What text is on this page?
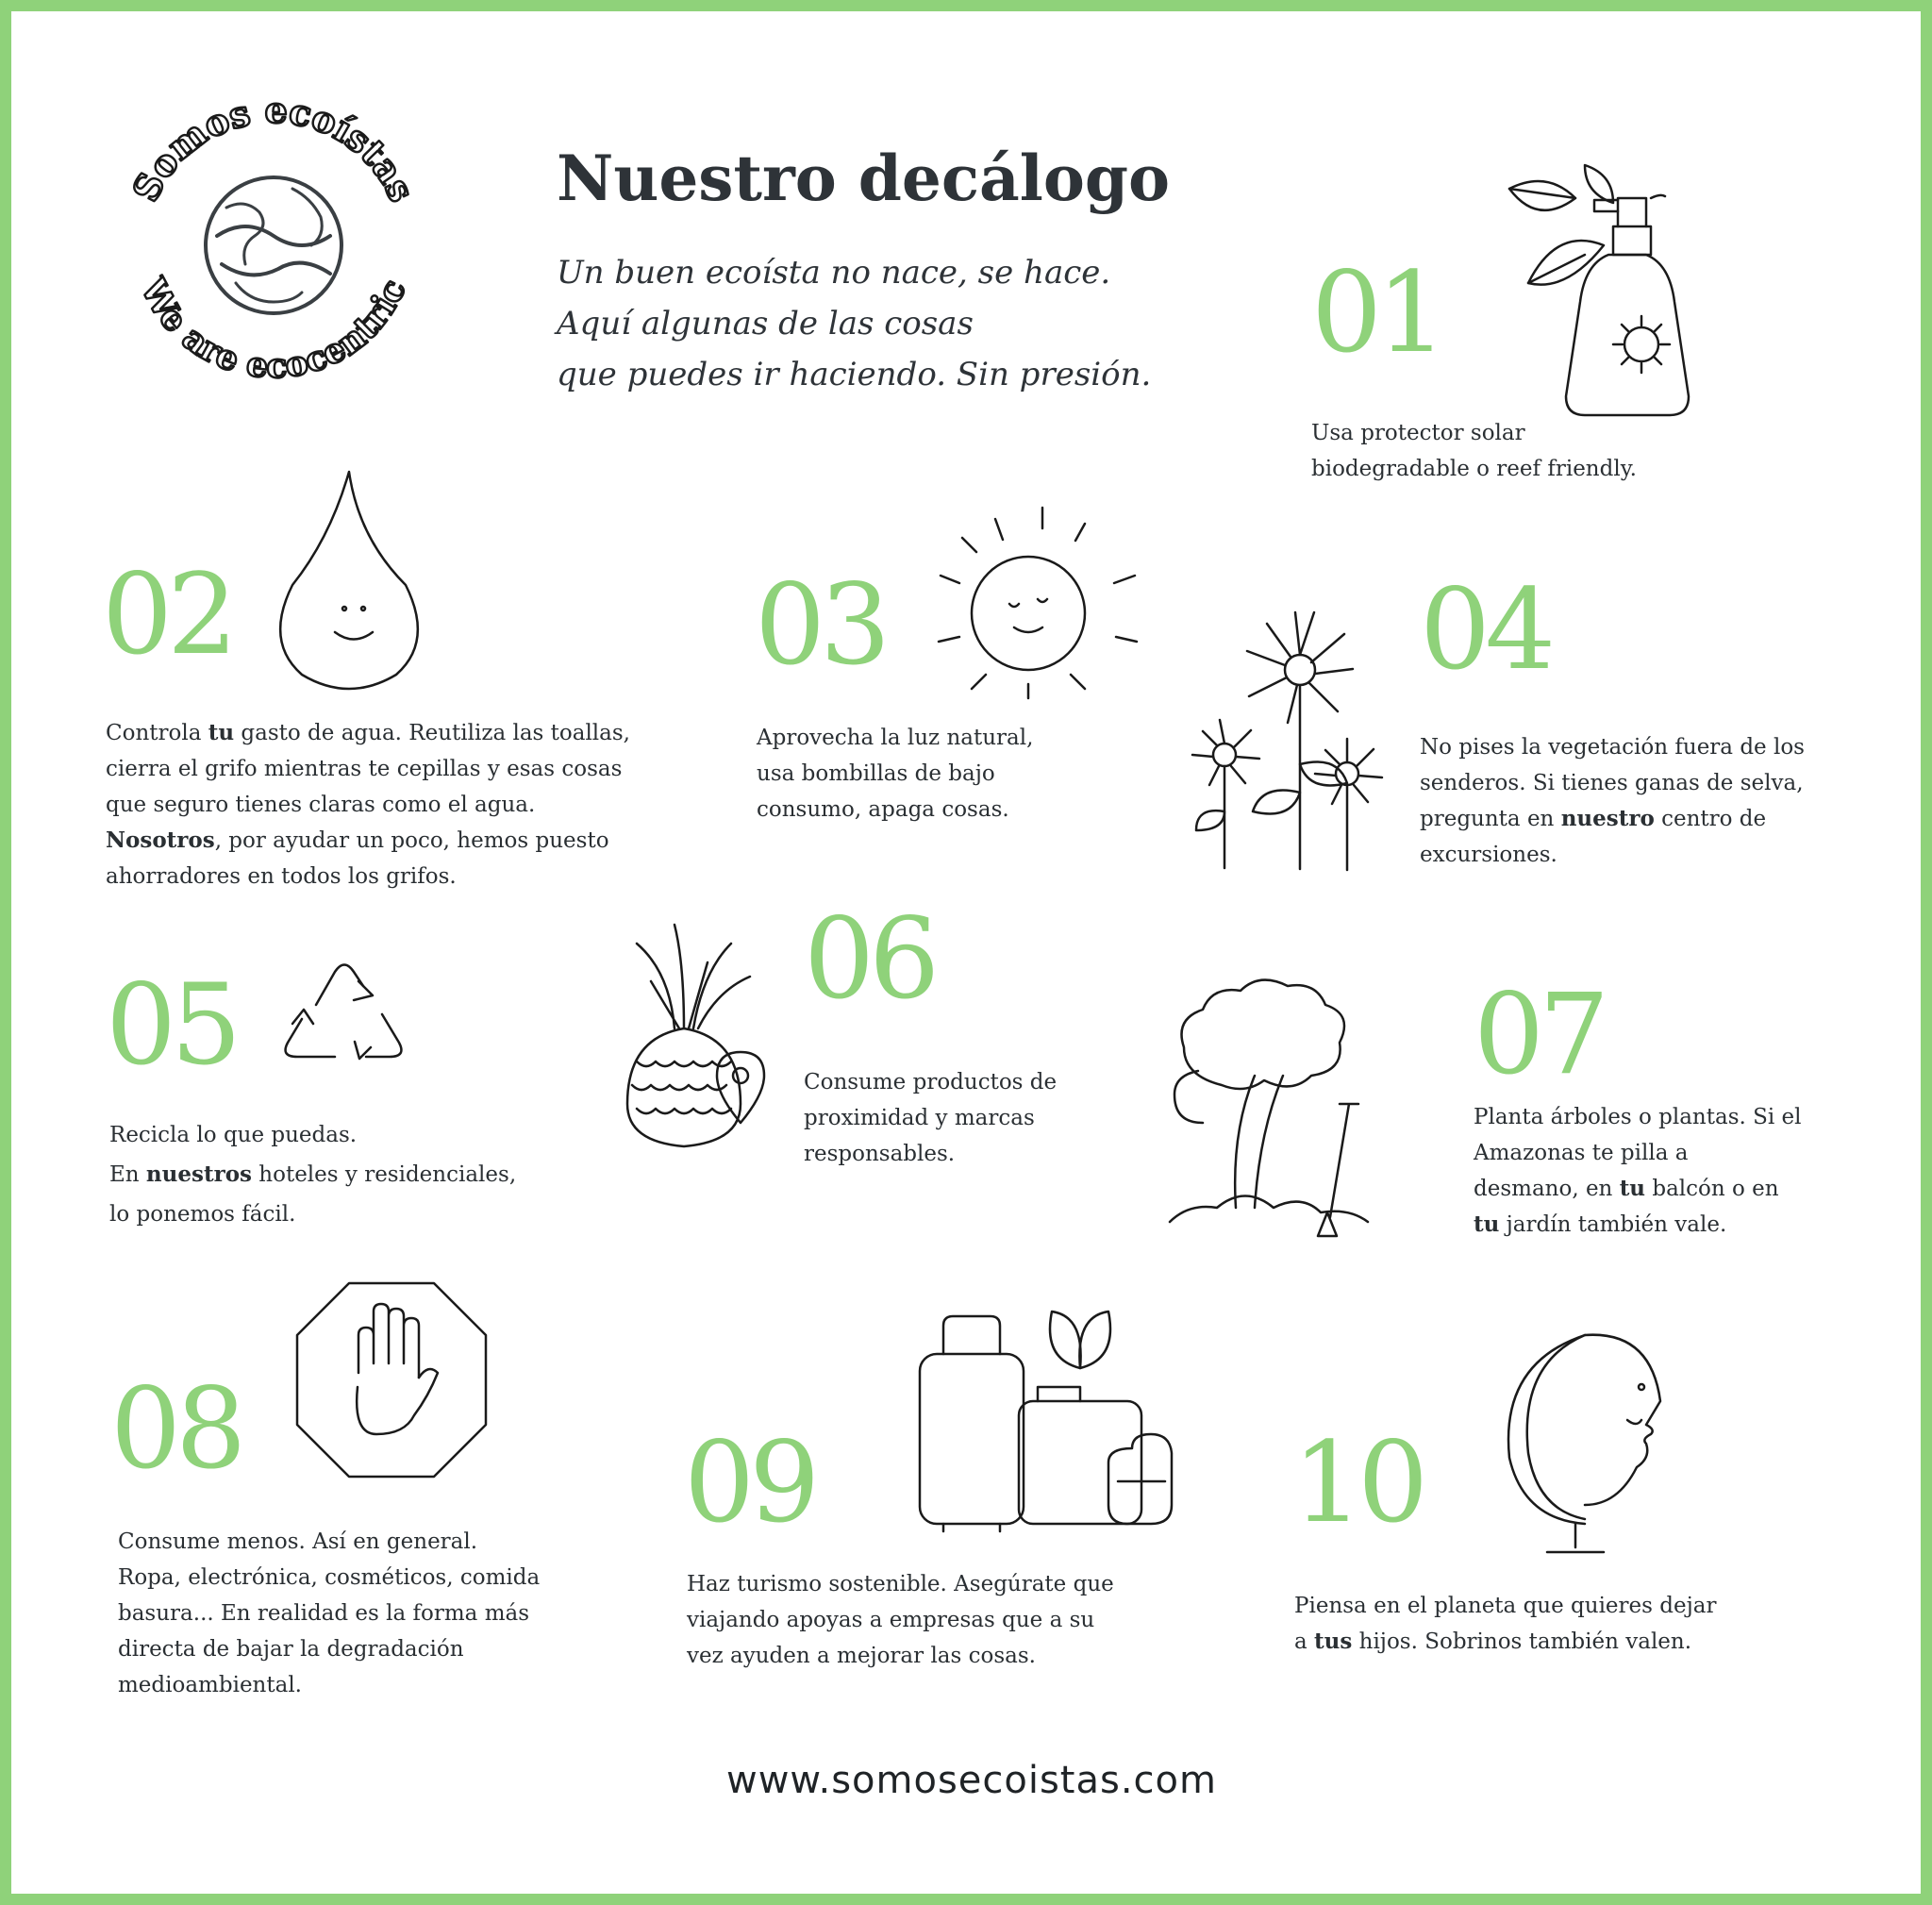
Somos ecoístas
We are ecocentric
Nuestro decálogo
Un buen ecoísta no nace, se hace.
Aquí algunas de las cosas
que puedes ir haciendo. Sin presión. 01
Usa protector solar
biodegradable o reef friendly.
02
Controla tu gasto de agua. Reutiliza las toallas,
cierra el grifo mientras te cepillas y esas cosas
que seguro tienes claras como el agua.
Nosotros, por ayudar un poco, hemos puesto
ahorradores en todos los grifos.
03
Aprovecha la luz natural,
usa bombillas de bajo
consumo, apaga cosas.
04
No pises la vegetación fuera de los
senderos. Si tienes ganas de selva,
pregunta en nuestro centro de
excursiones.
05
Recicla lo que puedas.
En nuestros hoteles y residenciales,
lo ponemos fácil.
06
Consume productos de
proximidad y marcas
responsables.
07
Planta árboles o plantas. Si el
Amazonas te pilla a
desmano, en tu balcón o en
tu jardín también vale.
08
Consume menos. Así en general.
Ropa, electrónica, cosméticos, comida
basura... En realidad es la forma más
directa de bajar la degradación
medioambiental.
09
Haz turismo sostenible. Asegúrate que
viajando apoyas a empresas que a su
vez ayuden a mejorar las cosas.
10
Piensa en el planeta que quieres dejar
a tus hijos. Sobrinos también valen.
www.somosecoistas.com
